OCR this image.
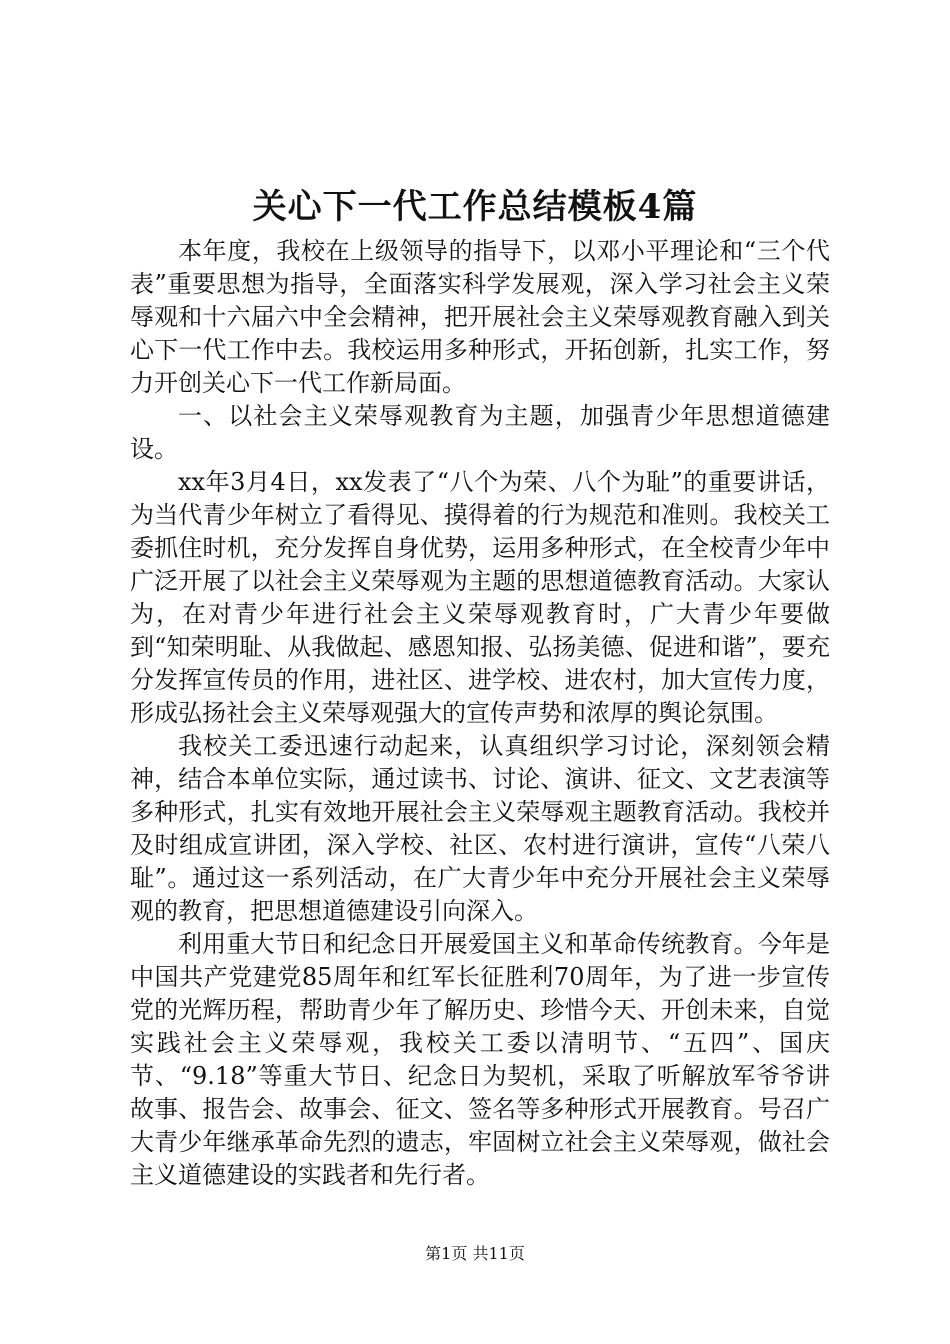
关心下一代工作总结模板4篇

本年度，我校在上级领导的指导下，以邓小平理论和“三个代表”重要思想为指导，全面落实科学发展观，深入学习社会主义荣辱观和十六届六中全会精神，把开展社会主义荣辱观教育融入到关心下一代工作中去。我校运用多种形式，开拓创新，扎实工作，努力开创关心下一代工作新局面。

一、以社会主义荣辱观教育为主题，加强青少年思想道德建设。

xx年3月4日，xx发表了“八个为荣、八个为耻”的重要讲话，为当代青少年树立了看得见、摸得着的行为规范和准则。我校关工委抓住时机，充分发挥自身优势，运用多种形式，在全校青少年中广泛开展了以社会主义荣辱观为主题的思想道德教育活动。大家认为，在对青少年进行社会主义荣辱观教育时，广大青少年要做到“知荣明耻、从我做起、感恩知报、弘扬美德、促进和谐”，要充分发挥宣传员的作用，进社区、进学校、进农村，加大宣传力度，形成弘扬社会主义荣辱观强大的宣传声势和浓厚的舆论氛围。

我校关工委迅速行动起来，认真组织学习讨论，深刻领会精神，结合本单位实际，通过读书、讨论、演讲、征文、文艺表演等多种形式，扎实有效地开展社会主义荣辱观主题教育活动。我校并及时组成宣讲团，深入学校、社区、农村进行演讲，宣传“八荣八耻”。通过这一系列活动，在广大青少年中充分开展社会主义荣辱观的教育，把思想道德建设引向深入。

利用重大节日和纪念日开展爱国主义和革命传统教育。今年是中国共产党建党85周年和红军长征胜利70周年，为了进一步宣传党的光辉历程，帮助青少年了解历史、珍惜今天、开创未来，自觉实践社会主义荣辱观，我校关工委以清明节、“五四”、国庆节、“9.18”等重大节日、纪念日为契机，采取了听解放军爷爷讲故事、报告会、故事会、征文、签名等多种形式开展教育。号召广大青少年继承革命先烈的遗志，牢固树立社会主义荣辱观，做社会主义道德建设的实践者和先行者。

第1页 共11页
